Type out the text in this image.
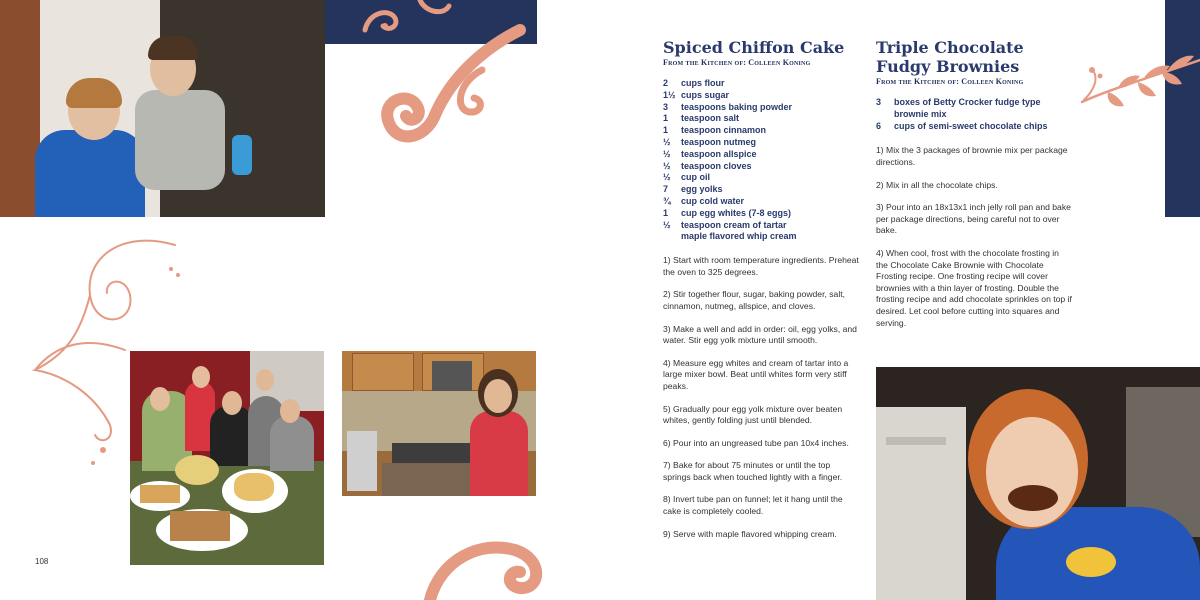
108
Spiced Chiffon Cake
From the Kitchen of: Colleen Koning
2	cups flour
1½ cups sugar
3	teaspoons baking powder
1	teaspoon salt
1	teaspoon cinnamon
½	teaspoon nutmeg
½	teaspoon allspice
½	teaspoon cloves
½	cup oil
7	egg yolks
¾	cup cold water
1	cup egg whites (7-8 eggs)
½	teaspoon cream of tartar
maple flavored whip cream

1) Start with room temperature ingredients. Preheat the oven to 325 degrees.

2) Stir together flour, sugar, baking powder, salt, cinnamon, nutmeg, allspice, and cloves.

3) Make a well and add in order: oil, egg yolks, and water. Stir egg yolk mixture until smooth.

4) Measure egg whites and cream of tartar into a large mixer bowl. Beat until whites form very stiff peaks.

5) Gradually pour egg yolk mixture over beaten whites, gently folding just until blended.

6) Pour into an ungreased tube pan 10x4 inches.

7) Bake for about 75 minutes or until the top springs back when touched lightly with a finger.

8) Invert tube pan on funnel; let it hang until the cake is completely cooled.

9) Serve with maple flavored whipping cream.

Triple Chocolate
Fudgy Brownies
From the Kitchen of: Colleen Koning
3	boxes of Betty Crocker fudge type brownie mix
6	cups of semi-sweet chocolate chips

1) Mix the 3 packages of brownie mix per package directions.

2) Mix in all the chocolate chips.

3) Pour into an 18x13x1 inch jelly roll pan and bake per package directions, being careful not to over bake.

4) When cool, frost with the chocolate frosting in the Chocolate Cake Brownie with Chocolate Frosting recipe. One frosting recipe will cover brownies with a thin layer of frosting. Double the frosting recipe and add chocolate sprinkles on top if desired. Let cool before cutting into squares and serving.
